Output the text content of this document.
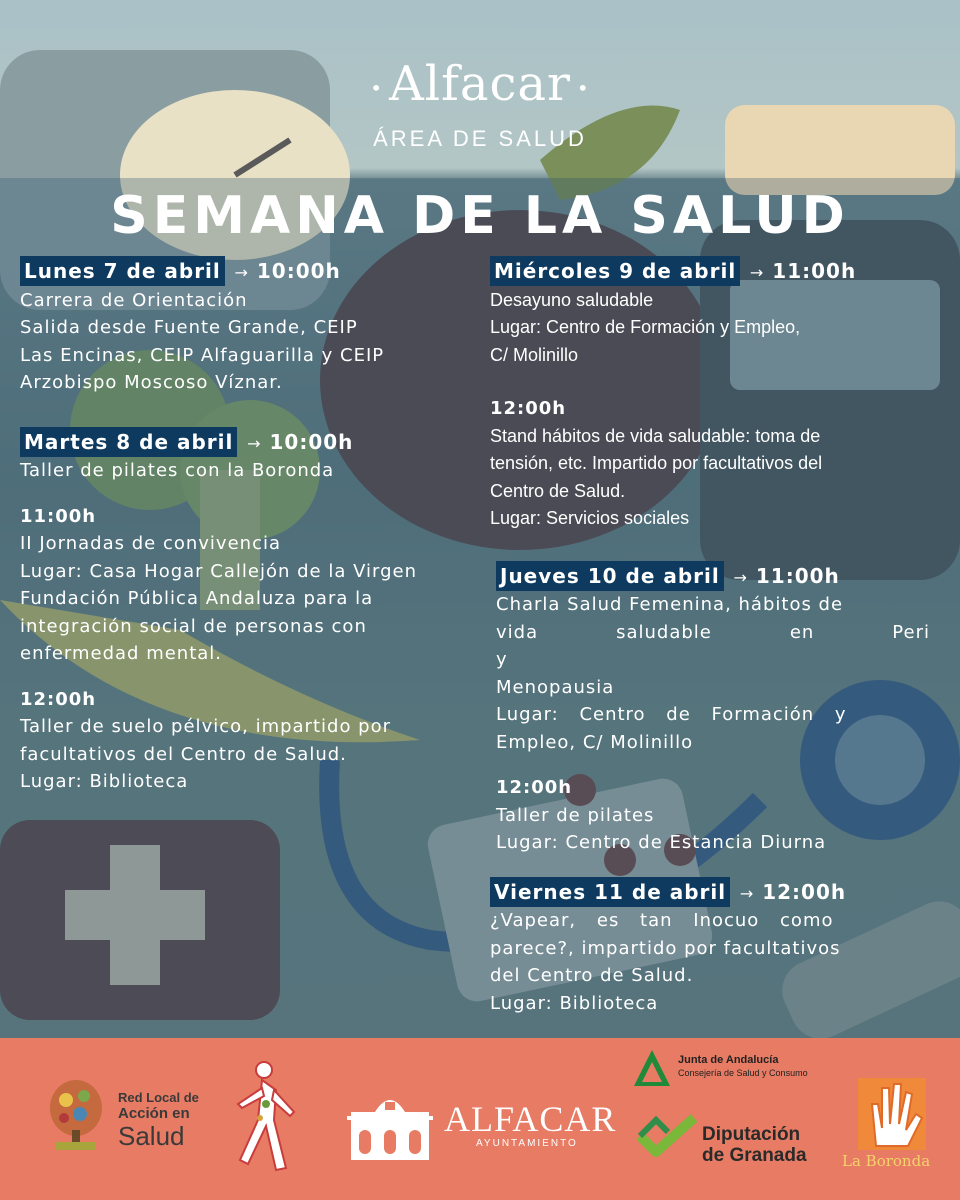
• Alfacar •
ÁREA DE SALUD
SEMANA DE LA SALUD
Lunes 7 de abril → 10:00h
Carrera de Orientación
Salida desde Fuente Grande, CEIP
Las Encinas, CEIP Alfaguarilla y CEIP
Arzobispo Moscoso Víznar.
Martes 8 de abril → 10:00h
Taller de pilates con la Boronda
11:00h
II Jornadas de convivencia
Lugar: Casa Hogar Callejón de la Virgen
Fundación Pública Andaluza para la
integración social de personas con
enfermedad mental.
12:00h
Taller de suelo pélvico, impartido por
facultativos del Centro de Salud.
Lugar: Biblioteca
Miércoles 9 de abril → 11:00h
Desayuno saludable
Lugar: Centro de Formación y Empleo,
C/ Molinillo
12:00h
Stand hábitos de vida saludable: toma de
tensión, etc. Impartido por facultativos del
Centro de Salud.
Lugar: Servicios sociales
Jueves 10 de abril → 11:00h
Charla Salud Femenina, hábitos de
vida saludable en Peri y
Menopausia
Lugar: Centro de Formación y
Empleo, C/ Molinillo
12:00h
Taller de pilates
Lugar: Centro de Estancia Diurna
Viernes 11 de abril → 12:00h
¿Vapear, es tan Inocuo como
parece?, impartido por facultativos
del Centro de Salud.
Lugar: Biblioteca
Red Local de
Acción en
Salud	ALFACAR
AYUNTAMIENTO
Junta de Andalucía
Consejería de Salud y Consumo
Diputación
de Granada La Boronda
